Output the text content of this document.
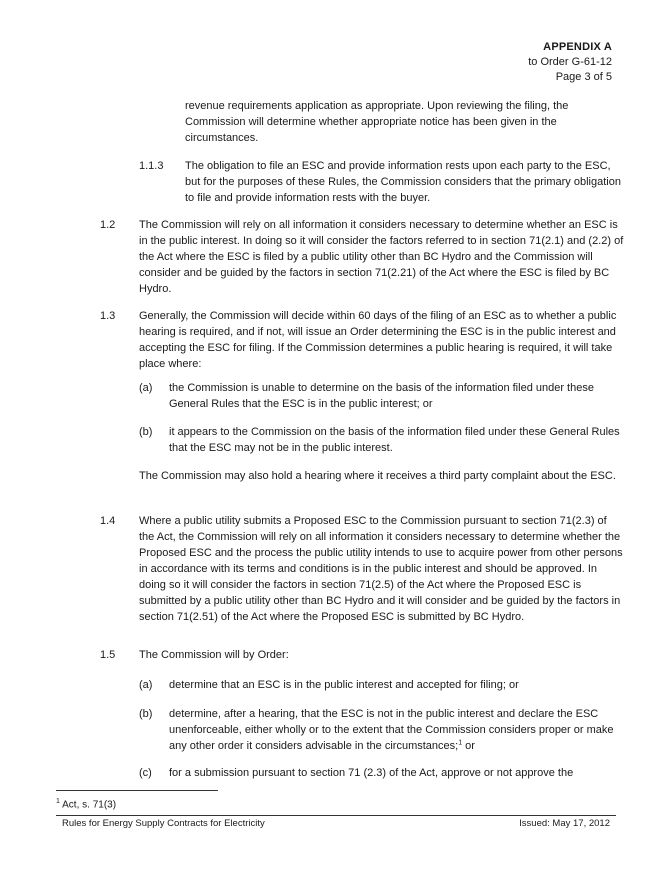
APPENDIX A
to Order G-61-12
Page 3 of 5
revenue requirements application as appropriate. Upon reviewing the filing, the Commission will determine whether appropriate notice has been given in the circumstances.
1.1.3 The obligation to file an ESC and provide information rests upon each party to the ESC, but for the purposes of these Rules, the Commission considers that the primary obligation to file and provide information rests with the buyer.
1.2 The Commission will rely on all information it considers necessary to determine whether an ESC is in the public interest. In doing so it will consider the factors referred to in section 71(2.1) and (2.2) of the Act where the ESC is filed by a public utility other than BC Hydro and the Commission will consider and be guided by the factors in section 71(2.21) of the Act where the ESC is filed by BC Hydro.
1.3 Generally, the Commission will decide within 60 days of the filing of an ESC as to whether a public hearing is required, and if not, will issue an Order determining the ESC is in the public interest and accepting the ESC for filing. If the Commission determines a public hearing is required, it will take place where:
(a) the Commission is unable to determine on the basis of the information filed under these General Rules that the ESC is in the public interest; or
(b) it appears to the Commission on the basis of the information filed under these General Rules that the ESC may not be in the public interest.
The Commission may also hold a hearing where it receives a third party complaint about the ESC.
1.4 Where a public utility submits a Proposed ESC to the Commission pursuant to section 71(2.3) of the Act, the Commission will rely on all information it considers necessary to determine whether the Proposed ESC and the process the public utility intends to use to acquire power from other persons in accordance with its terms and conditions is in the public interest and should be approved. In doing so it will consider the factors in section 71(2.5) of the Act where the Proposed ESC is submitted by a public utility other than BC Hydro and it will consider and be guided by the factors in section 71(2.51) of the Act where the Proposed ESC is submitted by BC Hydro.
1.5 The Commission will by Order:
(a) determine that an ESC is in the public interest and accepted for filing; or
(b) determine, after a hearing, that the ESC is not in the public interest and declare the ESC unenforceable, either wholly or to the extent that the Commission considers proper or make any other order it considers advisable in the circumstances;$^1$ or
(c) for a submission pursuant to section 71 (2.3) of the Act, approve or not approve the
$^1$ Act, s. 71(3)
Rules for Energy Supply Contracts for Electricity	Issued: May 17, 2012
